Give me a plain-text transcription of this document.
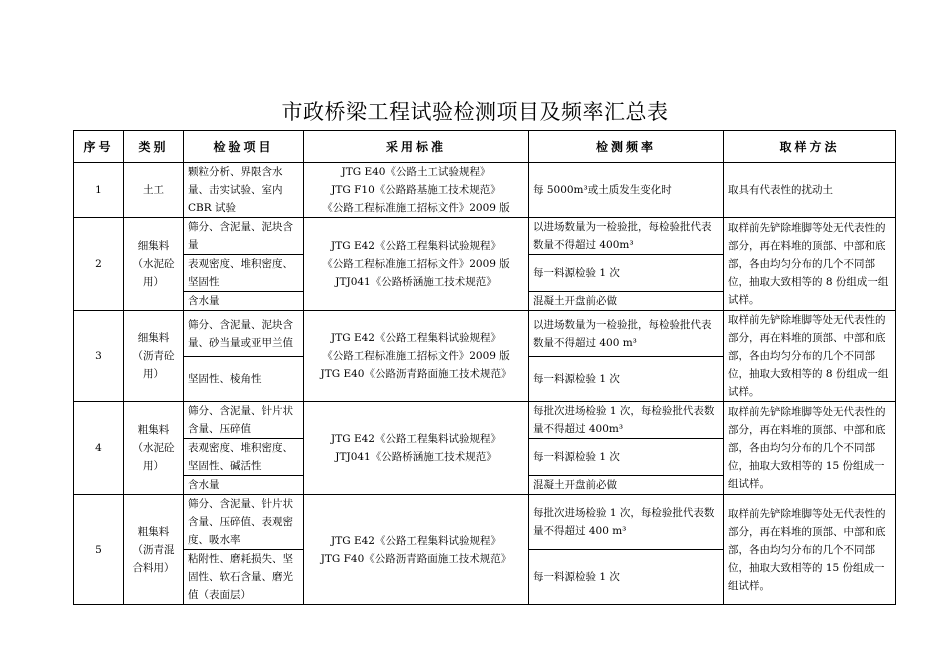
市政桥梁工程试验检测项目及频率汇总表
序号	类别	检验项目	采用标准	检测频率	取样方法
1	土工	颗粒分析、界限含水量、击实试验、室内 CBR 试验	JTG E40《公路土工试验规程》
JTG F10《公路路基施工技术规范》
《公路工程标准施工招标文件》2009 版	每 5000m³或土质发生变化时	取具有代表性的扰动土
2	细集料（水泥砼用）	筛分、含泥量、泥块含量	JTG E42《公路工程集料试验规程》
《公路工程标准施工招标文件》2009 版
JTJ041《公路桥涵施工技术规范》	以进场数量为一检验批，每检验批代表数量不得超过 400m³	取样前先铲除堆脚等处无代表性的部分，再在料堆的顶部、中部和底部，各由均匀分布的几个不同部位，抽取大致相等的 8 份组成一组试样。
		表观密度、堆积密度、坚固性		每一料源检验 1 次	
		含水量		混凝土开盘前必做	
3	细集料（沥青砼用）	筛分、含泥量、泥块含量、砂当量或亚甲兰值	JTG E42《公路工程集料试验规程》
《公路工程标准施工招标文件》2009 版
JTG E40《公路沥青路面施工技术规范》	以进场数量为一检验批，每检验批代表数量不得超过 400 m³	取样前先铲除堆脚等处无代表性的部分，再在料堆的顶部、中部和底部，各由均匀分布的几个不同部位，抽取大致相等的 8 份组成一组试样。
		坚固性、棱角性		每一料源检验 1 次	
4	粗集料（水泥砼用）	筛分、含泥量、针片状含量、压碎值	JTG E42《公路工程集料试验规程》
JTJ041《公路桥涵施工技术规范》	每批次进场检验 1 次，每检验批代表数量不得超过 400m³	取样前先铲除堆脚等处无代表性的部分，再在料堆的顶部、中部和底部，各由均匀分布的几个不同部位，抽取大致相等的 15 份组成一组试样。
		表观密度、堆积密度、坚固性、碱活性		每一料源检验 1 次	
		含水量		混凝土开盘前必做	
5	粗集料（沥青混合料用）	筛分、含泥量、针片状含量、压碎值、表观密度、吸水率	JTG E42《公路工程集料试验规程》
JTG F40《公路沥青路面施工技术规范》	每批次进场检验 1 次，每检验批代表数量不得超过 400 m³	取样前先铲除堆脚等处无代表性的部分，再在料堆的顶部、中部和底部，各由均匀分布的几个不同部位，抽取大致相等的 15 份组成一组试样。
		粘附性、磨耗损失、坚固性、软石含量、磨光值（表面层）		每一料源检验 1 次	
